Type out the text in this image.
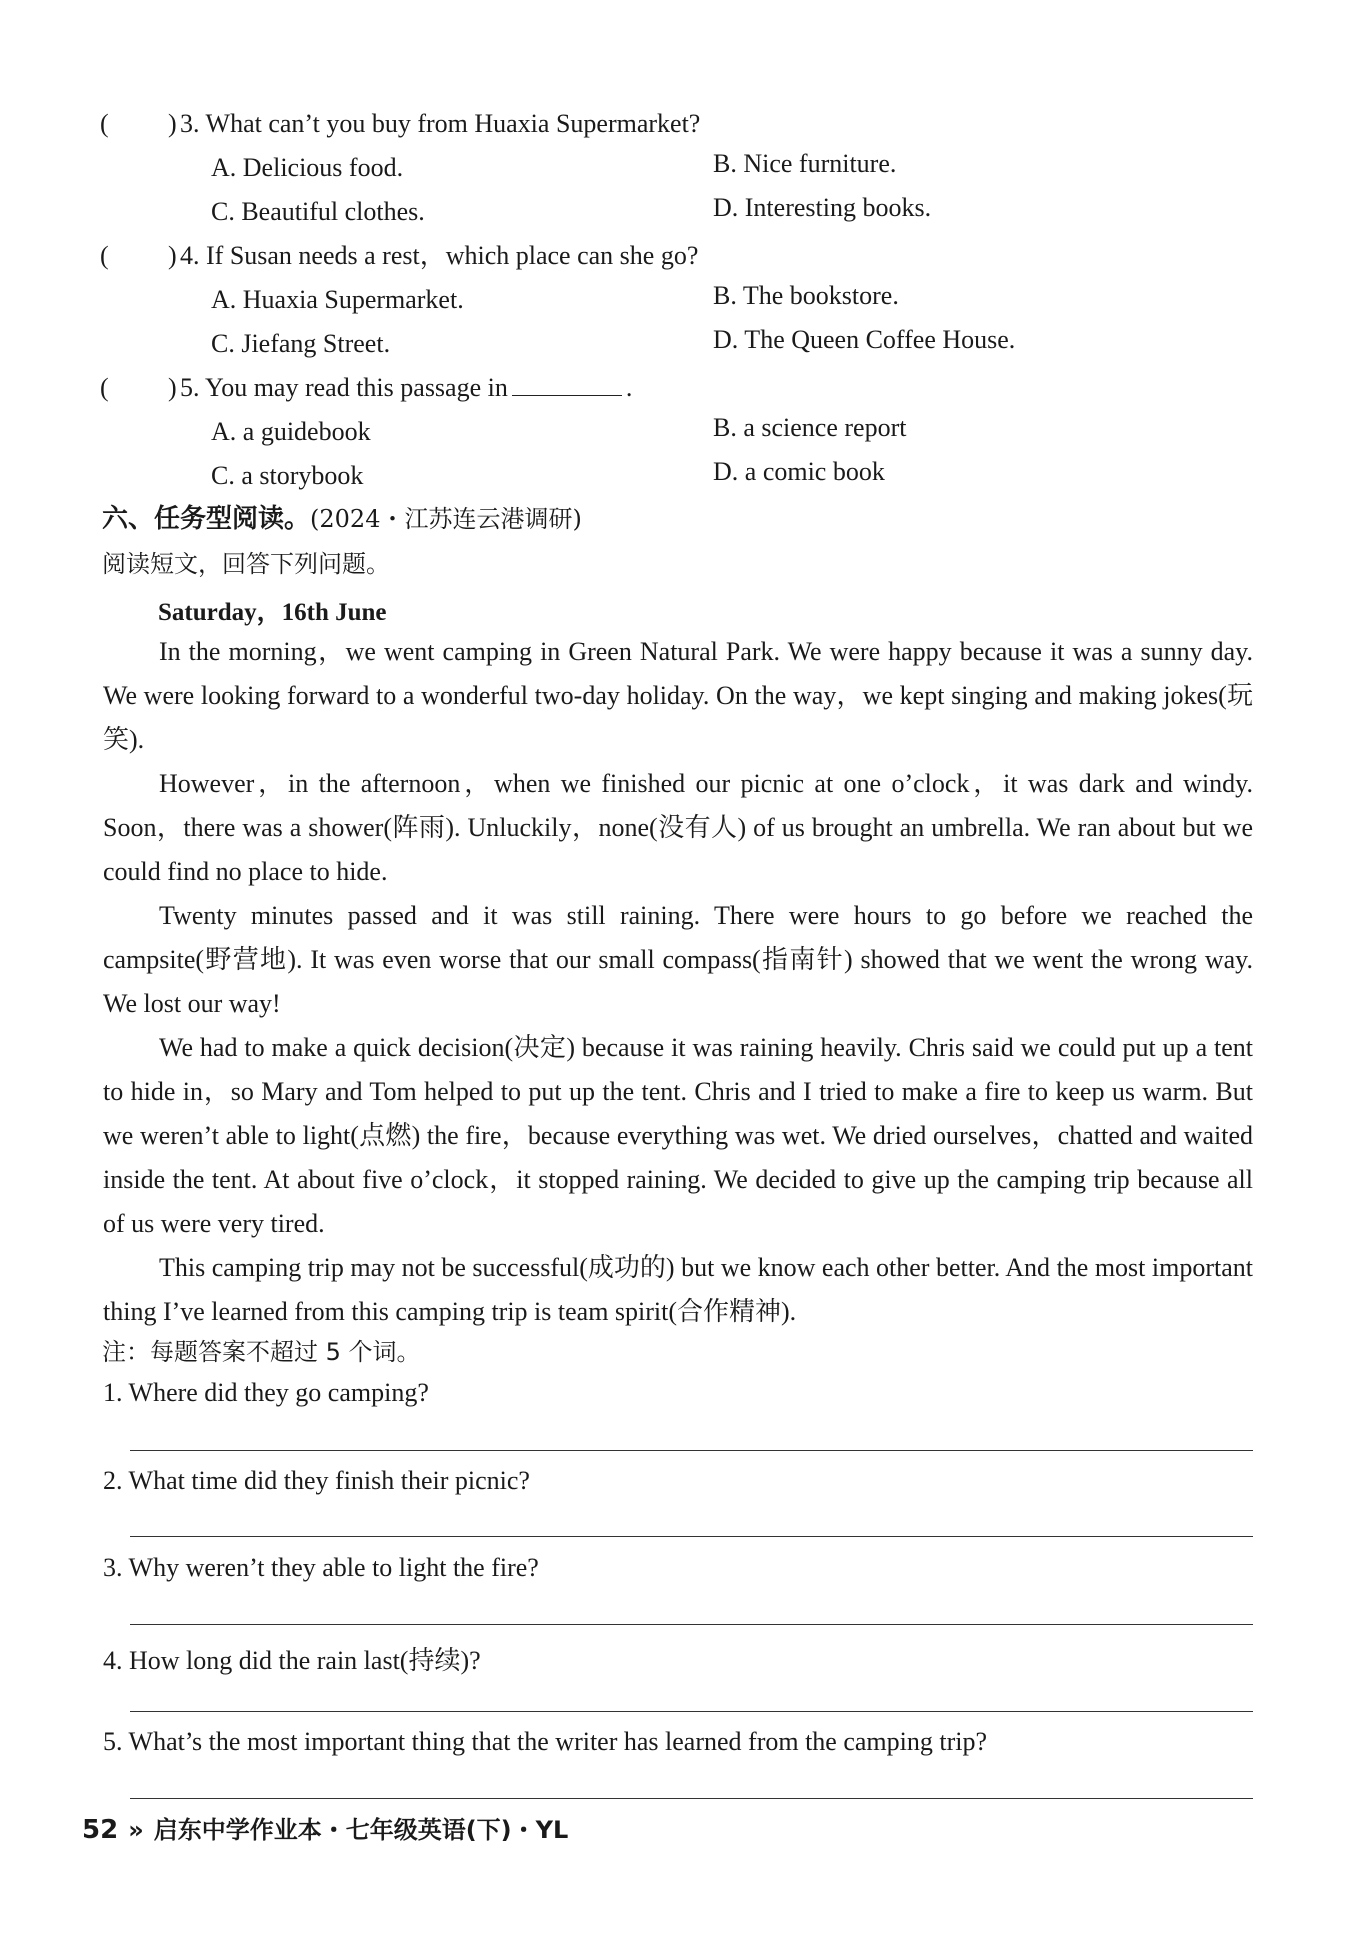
( ) 3. What can’t you buy from Huaxia Supermarket?
A. Delicious food.	B. Nice furniture.
C. Beautiful clothes.	D. Interesting books.
( ) 4. If Susan needs a rest，which place can she go?
A. Huaxia Supermarket.	B. The bookstore.
C. Jiefang Street.	D. The Queen Coffee House.
( ) 5. You may read this passage in	.
A. a guidebook	B. a science report
C. a storybook	D. a comic book
六、任务型阅读。(2024・江苏连云港调研)
阅读短文，回答下列问题。
Saturday，16th June
In the morning，we went camping in Green Natural Park. We were happy because it was a sunny day. We were looking forward to a wonderful two-day holiday. On the way，we kept singing and making jokes(玩笑).
However，in the afternoon，when we finished our picnic at one o’clock，it was dark and windy. Soon，there was a shower(阵雨). Unluckily，none(没有人) of us brought an umbrella. We ran about but we could find no place to hide.
Twenty minutes passed and it was still raining. There were hours to go before we reached the campsite(野营地). It was even worse that our small compass(指南针) showed that we went the wrong way. We lost our way!
We had to make a quick decision(决定) because it was raining heavily. Chris said we could put up a tent to hide in，so Mary and Tom helped to put up the tent. Chris and I tried to make a fire to keep us warm. But we weren’t able to light(点燃) the fire，because everything was wet. We dried ourselves，chatted and waited inside the tent. At about five o’clock，it stopped raining. We decided to give up the camping trip because all of us were very tired.
This camping trip may not be successful(成功的) but we know each other better. And the most important thing I’ve learned from this camping trip is team spirit(合作精神).
注：每题答案不超过 5 个词。
1. Where did they go camping?
2. What time did they finish their picnic?
3. Why weren’t they able to light the fire?
4. How long did the rain last(持续)?
5. What’s the most important thing that the writer has learned from the camping trip?
52 » 启东中学作业本・七年级英语(下)・YL
